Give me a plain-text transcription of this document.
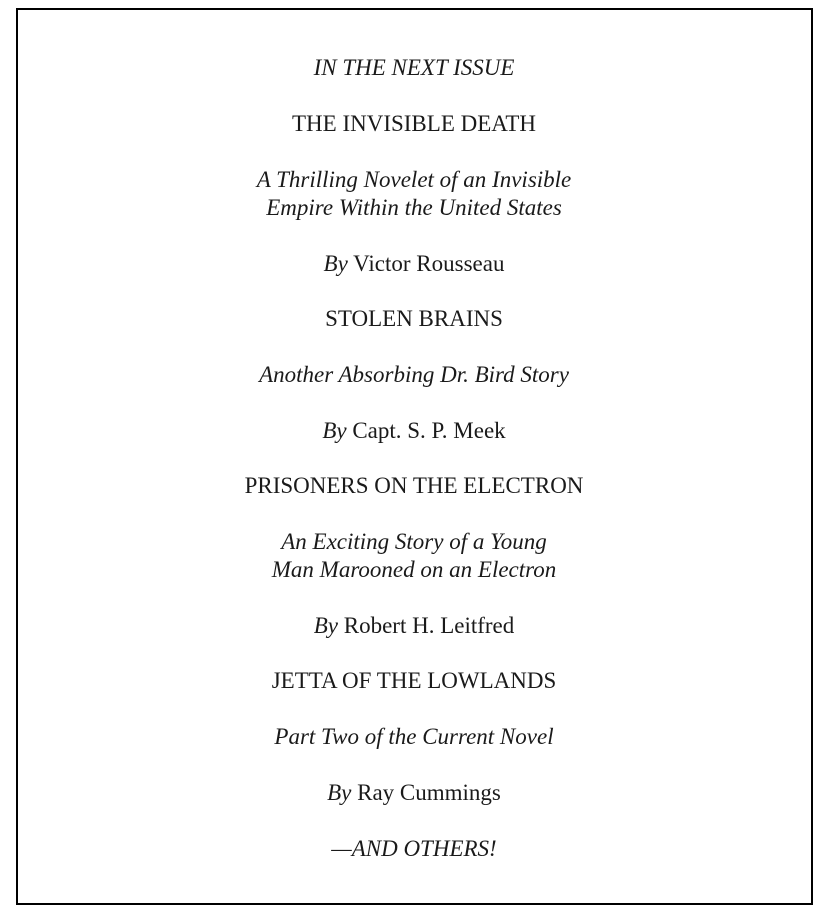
IN THE NEXT ISSUE
THE INVISIBLE DEATH
A Thrilling Novelet of an Invisible
Empire Within the United States
By Victor Rousseau
STOLEN BRAINS
Another Absorbing Dr. Bird Story
By Capt. S. P. Meek
PRISONERS ON THE ELECTRON
An Exciting Story of a Young
Man Marooned on an Electron
By Robert H. Leitfred
JETTA OF THE LOWLANDS
Part Two of the Current Novel
By Ray Cummings
—AND OTHERS!
